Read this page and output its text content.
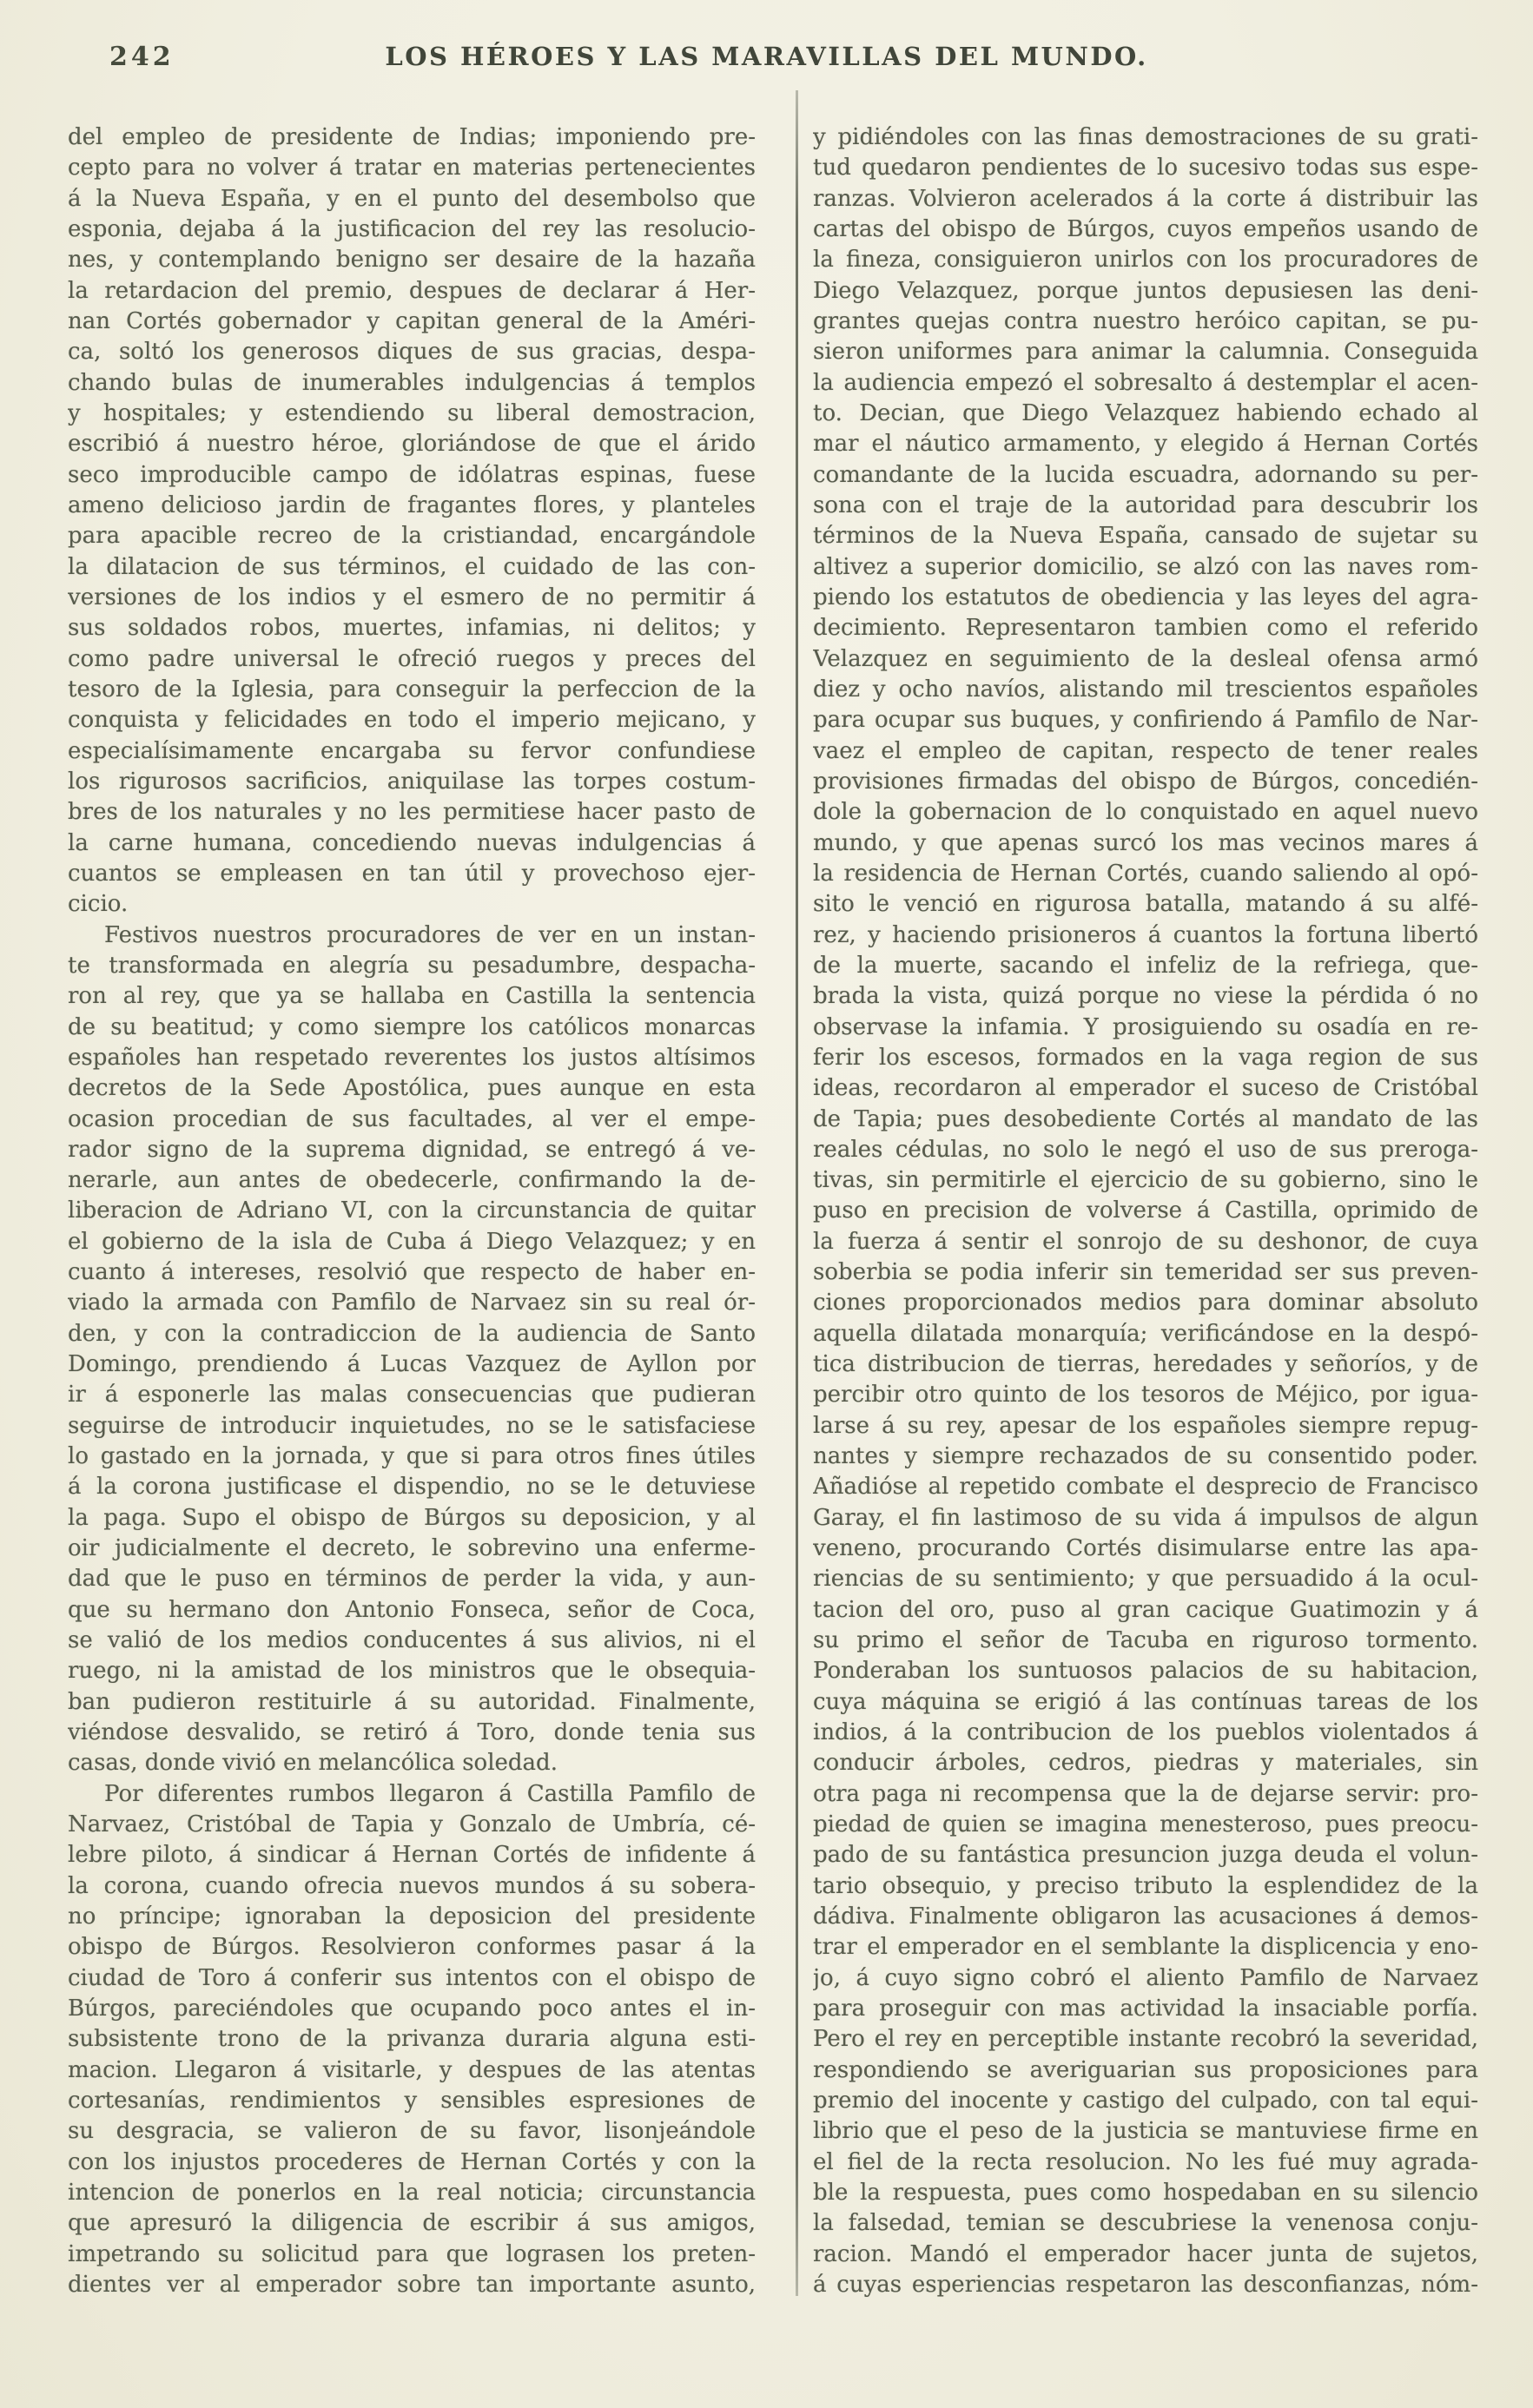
242	LOS HÉROES Y LAS MARAVILLAS DEL MUNDO.
del empleo de presidente de Indias; imponiendo pre-
cepto para no volver á tratar en materias pertenecientes
á la Nueva España, y en el punto del desembolso que
esponia, dejaba á la justificacion del rey las resolucio-
nes, y contemplando benigno ser desaire de la hazaña
la retardacion del premio, despues de declarar á Her-
nan Cortés gobernador y capitan general de la Améri-
ca, soltó los generosos diques de sus gracias, despa-
chando bulas de inumerables indulgencias á templos
y hospitales; y estendiendo su liberal demostracion,
escribió á nuestro héroe, gloriándose de que el árido
seco improducible campo de idólatras espinas, fuese
ameno delicioso jardin de fragantes flores, y planteles
para apacible recreo de la cristiandad, encargándole
la dilatacion de sus términos, el cuidado de las con-
versiones de los indios y el esmero de no permitir á
sus soldados robos, muertes, infamias, ni delitos; y
como padre universal le ofreció ruegos y preces del
tesoro de la Iglesia, para conseguir la perfeccion de la
conquista y felicidades en todo el imperio mejicano, y
especialísimamente encargaba su fervor confundiese
los rigurosos sacrificios, aniquilase las torpes costum-
bres de los naturales y no les permitiese hacer pasto de
la carne humana, concediendo nuevas indulgencias á
cuantos se empleasen en tan útil y provechoso ejer-
cicio.
Festivos nuestros procuradores de ver en un instan-
te transformada en alegría su pesadumbre, despacha-
ron al rey, que ya se hallaba en Castilla la sentencia
de su beatitud; y como siempre los católicos monarcas
españoles han respetado reverentes los justos altísimos
decretos de la Sede Apostólica, pues aunque en esta
ocasion procedian de sus facultades, al ver el empe-
rador signo de la suprema dignidad, se entregó á ve-
nerarle, aun antes de obedecerle, confirmando la de-
liberacion de Adriano VI, con la circunstancia de quitar
el gobierno de la isla de Cuba á Diego Velazquez; y en
cuanto á intereses, resolvió que respecto de haber en-
viado la armada con Pamfilo de Narvaez sin su real ór-
den, y con la contradiccion de la audiencia de Santo
Domingo, prendiendo á Lucas Vazquez de Ayllon por
ir á esponerle las malas consecuencias que pudieran
seguirse de introducir inquietudes, no se le satisfaciese
lo gastado en la jornada, y que si para otros fines útiles
á la corona justificase el dispendio, no se le detuviese
la paga. Supo el obispo de Búrgos su deposicion, y al
oir judicialmente el decreto, le sobrevino una enferme-
dad que le puso en términos de perder la vida, y aun-
que su hermano don Antonio Fonseca, señor de Coca,
se valió de los medios conducentes á sus alivios, ni el
ruego, ni la amistad de los ministros que le obsequia-
ban pudieron restituirle á su autoridad. Finalmente,
viéndose desvalido, se retiró á Toro, donde tenia sus
casas, donde vivió en melancólica soledad.
Por diferentes rumbos llegaron á Castilla Pamfilo de
Narvaez, Cristóbal de Tapia y Gonzalo de Umbría, cé-
lebre piloto, á sindicar á Hernan Cortés de infidente á
la corona, cuando ofrecia nuevos mundos á su sobera-
no príncipe; ignoraban la deposicion del presidente
obispo de Búrgos. Resolvieron conformes pasar á la
ciudad de Toro á conferir sus intentos con el obispo de
Búrgos, pareciéndoles que ocupando poco antes el in-
subsistente trono de la privanza duraria alguna esti-
macion. Llegaron á visitarle, y despues de las atentas
cortesanías, rendimientos y sensibles espresiones de
su desgracia, se valieron de su favor, lisonjeándole
con los injustos procederes de Hernan Cortés y con la
intencion de ponerlos en la real noticia; circunstancia
que apresuró la diligencia de escribir á sus amigos,
impetrando su solicitud para que lograsen los preten-
dientes ver al emperador sobre tan importante asunto,
y pidiéndoles con las finas demostraciones de su grati-
tud quedaron pendientes de lo sucesivo todas sus espe-
ranzas. Volvieron acelerados á la corte á distribuir las
cartas del obispo de Búrgos, cuyos empeños usando de
la fineza, consiguieron unirlos con los procuradores de
Diego Velazquez, porque juntos depusiesen las deni-
grantes quejas contra nuestro heróico capitan, se pu-
sieron uniformes para animar la calumnia. Conseguida
la audiencia empezó el sobresalto á destemplar el acen-
to. Decian, que Diego Velazquez habiendo echado al
mar el náutico armamento, y elegido á Hernan Cortés
comandante de la lucida escuadra, adornando su per-
sona con el traje de la autoridad para descubrir los
términos de la Nueva España, cansado de sujetar su
altivez a superior domicilio, se alzó con las naves rom-
piendo los estatutos de obediencia y las leyes del agra-
decimiento. Representaron tambien como el referido
Velazquez en seguimiento de la desleal ofensa armó
diez y ocho navíos, alistando mil trescientos españoles
para ocupar sus buques, y confiriendo á Pamfilo de Nar-
vaez el empleo de capitan, respecto de tener reales
provisiones firmadas del obispo de Búrgos, concedién-
dole la gobernacion de lo conquistado en aquel nuevo
mundo, y que apenas surcó los mas vecinos mares á
la residencia de Hernan Cortés, cuando saliendo al opó-
sito le venció en rigurosa batalla, matando á su alfé-
rez, y haciendo prisioneros á cuantos la fortuna libertó
de la muerte, sacando el infeliz de la refriega, que-
brada la vista, quizá porque no viese la pérdida ó no
observase la infamia. Y prosiguiendo su osadía en re-
ferir los escesos, formados en la vaga region de sus
ideas, recordaron al emperador el suceso de Cristóbal
de Tapia; pues desobediente Cortés al mandato de las
reales cédulas, no solo le negó el uso de sus preroga-
tivas, sin permitirle el ejercicio de su gobierno, sino le
puso en precision de volverse á Castilla, oprimido de
la fuerza á sentir el sonrojo de su deshonor, de cuya
soberbia se podia inferir sin temeridad ser sus preven-
ciones proporcionados medios para dominar absoluto
aquella dilatada monarquía; verificándose en la despó-
tica distribucion de tierras, heredades y señoríos, y de
percibir otro quinto de los tesoros de Méjico, por igua-
larse á su rey, apesar de los españoles siempre repug-
nantes y siempre rechazados de su consentido poder.
Añadióse al repetido combate el desprecio de Francisco
Garay, el fin lastimoso de su vida á impulsos de algun
veneno, procurando Cortés disimularse entre las apa-
riencias de su sentimiento; y que persuadido á la ocul-
tacion del oro, puso al gran cacique Guatimozin y á
su primo el señor de Tacuba en riguroso tormento.
Ponderaban los suntuosos palacios de su habitacion,
cuya máquina se erigió á las contínuas tareas de los
indios, á la contribucion de los pueblos violentados á
conducir árboles, cedros, piedras y materiales, sin
otra paga ni recompensa que la de dejarse servir: pro-
piedad de quien se imagina menesteroso, pues preocu-
pado de su fantástica presuncion juzga deuda el volun-
tario obsequio, y preciso tributo la esplendidez de la
dádiva. Finalmente obligaron las acusaciones á demos-
trar el emperador en el semblante la displicencia y eno-
jo, á cuyo signo cobró el aliento Pamfilo de Narvaez
para proseguir con mas actividad la insaciable porfía.
Pero el rey en perceptible instante recobró la severidad,
respondiendo se averiguarian sus proposiciones para
premio del inocente y castigo del culpado, con tal equi-
librio que el peso de la justicia se mantuviese firme en
el fiel de la recta resolucion. No les fué muy agrada-
ble la respuesta, pues como hospedaban en su silencio
la falsedad, temian se descubriese la venenosa conju-
racion. Mandó el emperador hacer junta de sujetos,
á cuyas esperiencias respetaron las desconfianzas, nóm-
